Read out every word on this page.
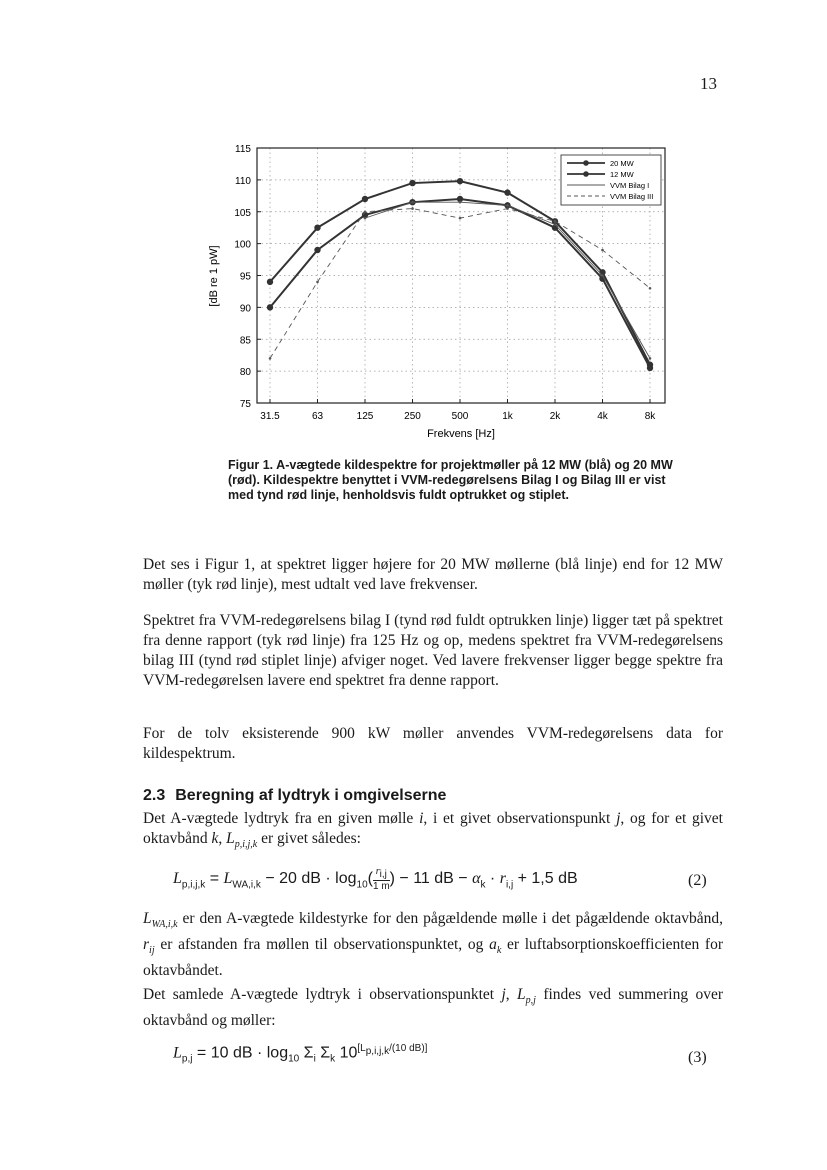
13
75
80
85
90
95
100
105
110
115
31.5	63	125	250	500	1k	2k	4k	8k
[dB re 1 pW]
Frekvens [Hz]
20 MW
12 MW
VVM Bilag I
VVM Bilag III
Figur 1. A-vægtede kildespektre for projektmøller på 12 MW (blå) og 20 MW (rød). Kildespektre benyttet i VVM-redegørelsens Bilag I og Bilag III er vist med tynd rød linje, henholdsvis fuldt optrukket og stiplet.

Det ses i Figur 1, at spektret ligger højere for 20 MW møllerne (blå linje) end for 12 MW møller (tyk rød linje), mest udtalt ved lave frekvenser.

Spektret fra VVM-redegørelsens bilag I (tynd rød fuldt optrukken linje) ligger tæt på spektret fra denne rapport (tyk rød linje) fra 125 Hz og op, medens spektret fra VVM-redegørelsens bilag III (tynd rød stiplet linje) afviger noget. Ved lavere frekvenser ligger begge spektre fra VVM-redegørelsen lavere end spektret fra denne rapport.

For de tolv eksisterende 900 kW møller anvendes VVM-redegørelsens data for kildespektrum.

2.3 Beregning af lydtryk i omgivelserne

Det A-vægtede lydtryk fra en given mølle i, i et givet observationspunkt j, og for et givet oktavbånd k, $L_{p,i,j,k}$ er givet således:

$L_{p,i,j,k} = L_{WA,i,k} - 20$ dB · $\log_{10}( \frac{r_{i,j}}{1 m}$ ) − 11 dB − $\alpha_k \cdot r_{i,j} + 1,5$ dB	(2)

$L_{WA,i,k}$ er den A-vægtede kildestyrke for den pågældende mølle i det pågældende oktavbånd, $r_{ij}$ er afstanden fra møllen til observationspunktet, og $a_k$ er luftabsorptionskoefficienten for oktavbåndet.

Det samlede A-vægtede lydtryk i observationspunktet j, $L_{p,j}$ findes ved summering over oktavbånd og møller:

$L_{p,j} = 10$ dB · $\log_{10} \Sigma_i$ $\Sigma_k$ 10[Lp,i,j,k/(10 dB)]
(3)
